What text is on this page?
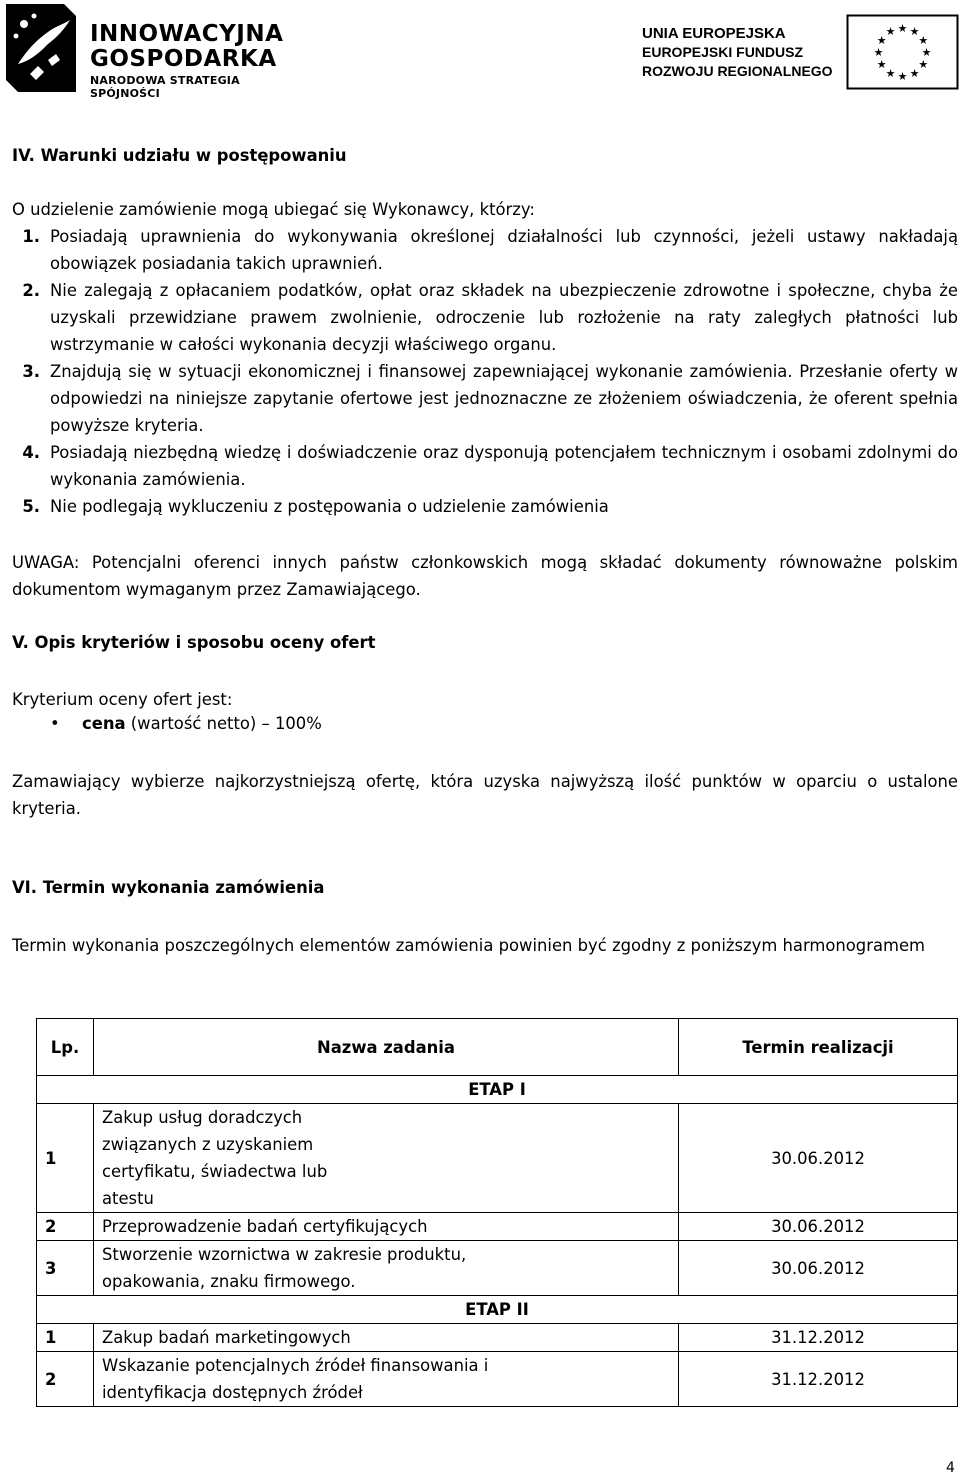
INNOWACYJNA
GOSPODARKA
NARODOWA STRATEGIA SPÓJNOŚCI
UNIA EUROPEJSKA
EUROPEJSKI FUNDUSZ
ROZWOJU REGIONALNEGO
★ ★
★
★
★
★
★
★
★
★
★
★
IV. Warunki udziału w postępowaniu
O udzielenie zamówienie mogą ubiegać się Wykonawcy, którzy:
1. Posiadają uprawnienia do wykonywania określonej działalności lub czynności, jeżeli ustawy nakładają obowiązek posiadania takich uprawnień.
2. Nie zalegają z opłacaniem podatków, opłat oraz składek na ubezpieczenie zdrowotne i społeczne, chyba że uzyskali przewidziane prawem zwolnienie, odroczenie lub rozłożenie na raty zaległych płatności lub wstrzymanie w całości wykonania decyzji właściwego organu.
3. Znajdują się w sytuacji ekonomicznej i finansowej zapewniającej wykonanie zamówienia. Przesłanie oferty w odpowiedzi na niniejsze zapytanie ofertowe jest jednoznaczne ze złożeniem oświadczenia, że oferent spełnia powyższe kryteria.
4. Posiadają niezbędną wiedzę i doświadczenie oraz dysponują potencjałem technicznym i osobami zdolnymi do wykonania zamówienia.
5. Nie podlegają wykluczeniu z postępowania o udzielenie zamówienia
UWAGA: Potencjalni oferenci innych państw członkowskich mogą składać dokumenty równoważne polskim dokumentom wymaganym przez Zamawiającego.
V. Opis kryteriów i sposobu oceny ofert
Kryterium oceny ofert jest:
• cena (wartość netto) – 100%
Zamawiający wybierze najkorzystniejszą ofertę, która uzyska najwyższą ilość punktów w oparciu o ustalone kryteria.
VI. Termin wykonania zamówienia
Termin wykonania poszczególnych elementów zamówienia powinien być zgodny z poniższym harmonogramem
Lp.	Nazwa zadania	Termin realizacji
ETAP I		
1	Zakup usług doradczych związanych z uzyskaniem certyfikatu, świadectwa lub atestu	30.06.2012
2	Przeprowadzenie badań certyfikujących	30.06.2012
3	Stworzenie wzornictwa w zakresie produktu, opakowania, znaku firmowego.	30.06.2012
ETAP II		
1	Zakup badań marketingowych	31.12.2012
2	Wskazanie potencjalnych źródeł finansowania i identyfikacja dostępnych źródeł	31.12.2012
4
